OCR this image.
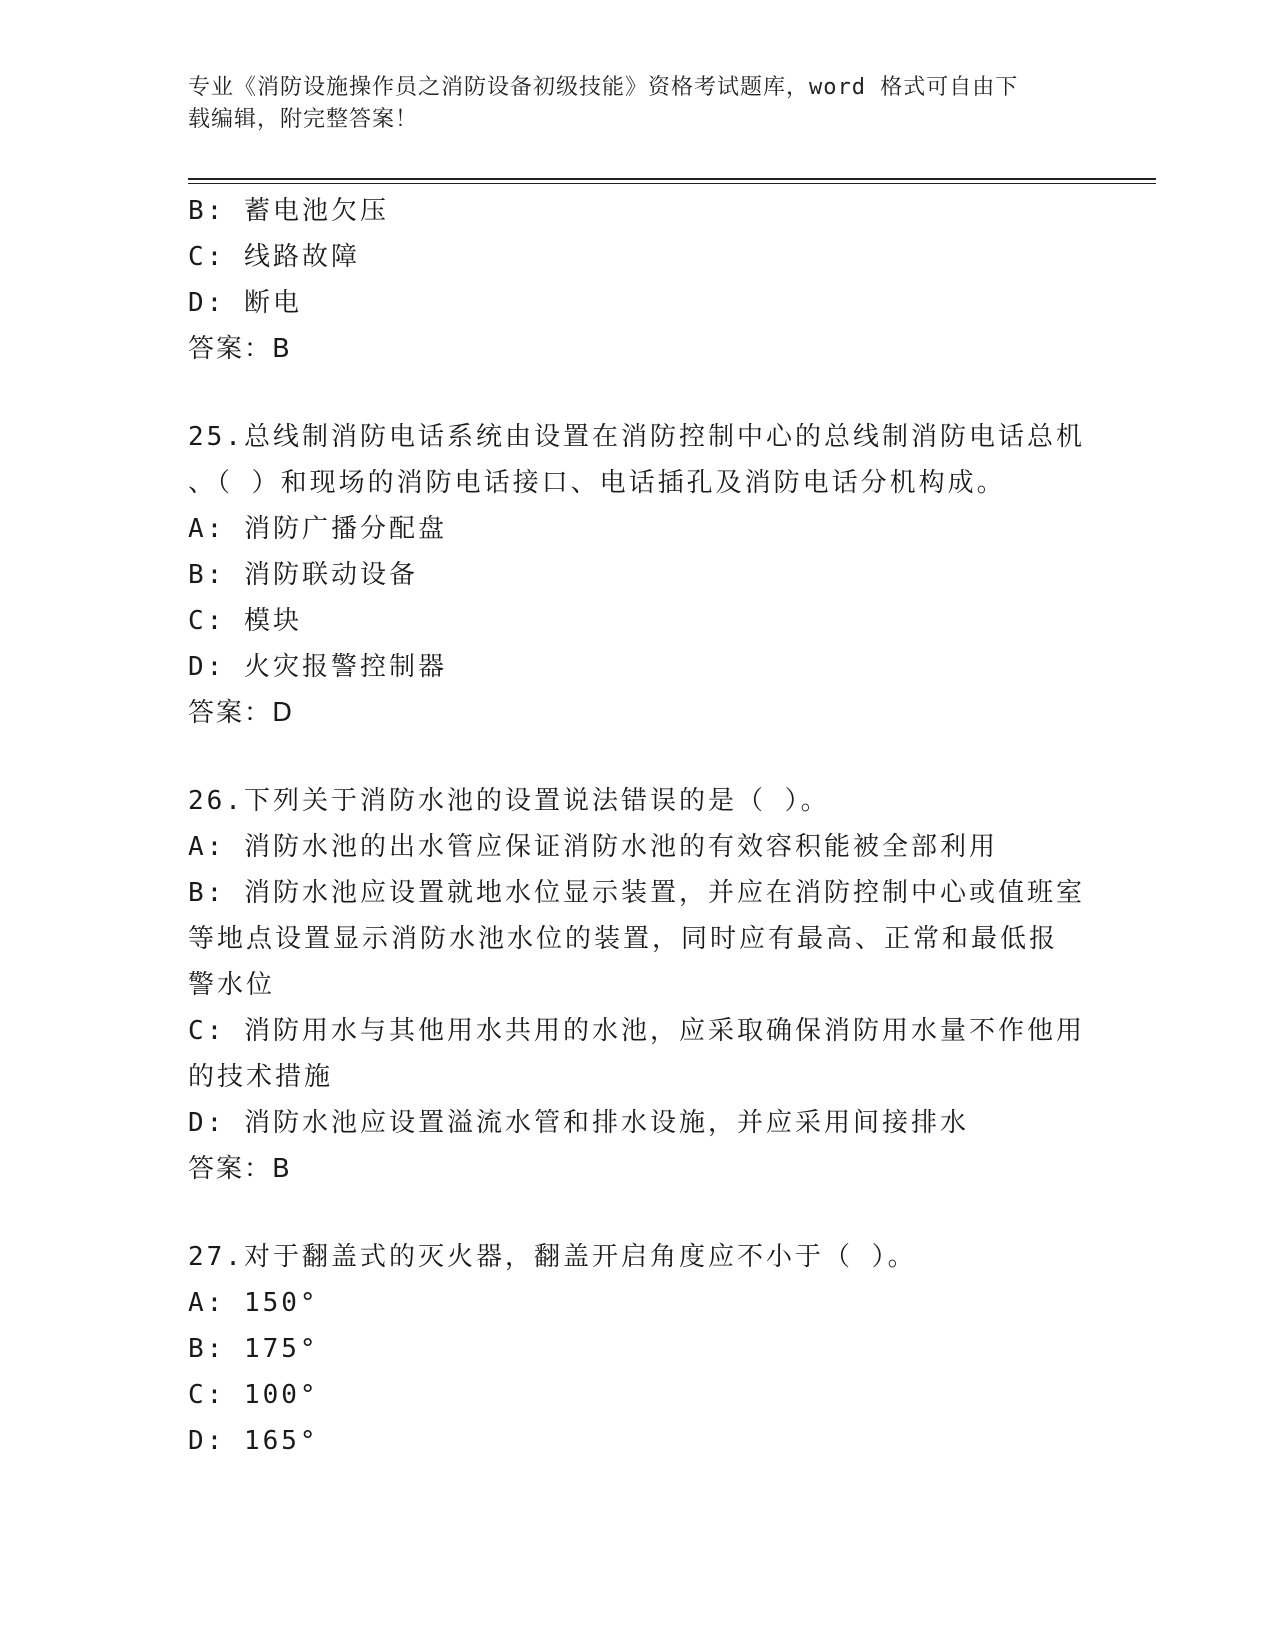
专业《消防设施操作员之消防设备初级技能》资格考试题库，word 格式可自由下
载编辑，附完整答案！
B: 蓄电池欠压
C: 线路故障
D: 断电
答案：B
25.总线制消防电话系统由设置在消防控制中心的总线制消防电话总机
、（ ）和现场的消防电话接口、电话插孔及消防电话分机构成。
A: 消防广播分配盘
B: 消防联动设备
C: 模块
D: 火灾报警控制器
答案：D
26.下列关于消防水池的设置说法错误的是（ ）。
A: 消防水池的出水管应保证消防水池的有效容积能被全部利用
B: 消防水池应设置就地水位显示装置，并应在消防控制中心或值班室
等地点设置显示消防水池水位的装置，同时应有最高、正常和最低报
警水位
C: 消防用水与其他用水共用的水池，应采取确保消防用水量不作他用
的技术措施
D: 消防水池应设置溢流水管和排水设施，并应采用间接排水
答案：B
27.对于翻盖式的灭火器，翻盖开启角度应不小于（ ）。
A: 150°
B: 175°
C: 100°
D: 165°
